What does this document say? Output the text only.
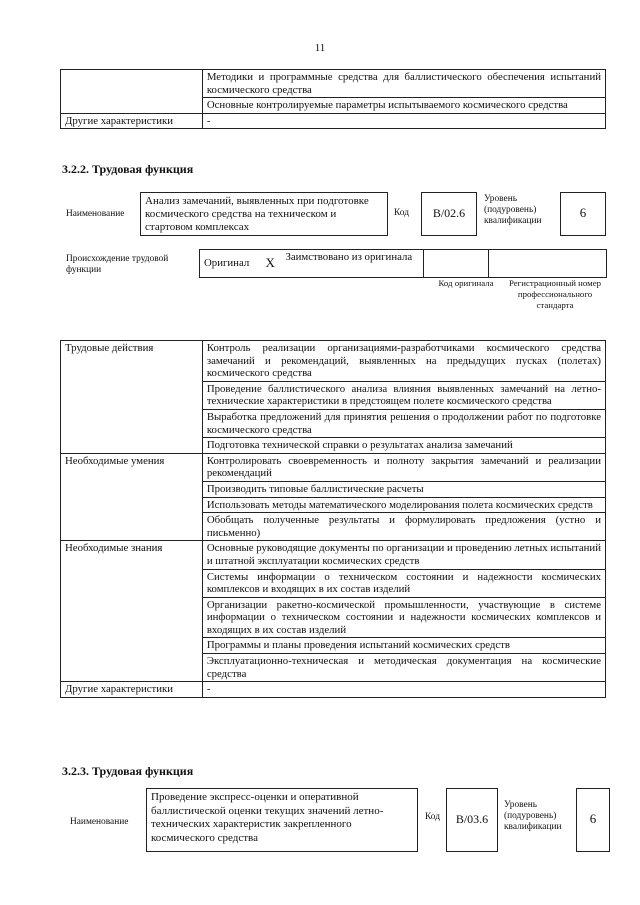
11
	Методики и программные средства для баллистического обеспечения испытаний космического средства
	Основные контролируемые параметры испытываемого космического средства
Другие характеристики	-
3.2.2. Трудовая функция
Наименование
Анализ замечаний, выявленных при подготовке космического средства на техническом и стартовом комплексах
Код	В/02.6
Уровень (подуровень) квалификации
6
Происхождение трудовой функции
Оригинал	X	Заимствовано из оригинала		
Код оригинала	Регистрационный номер профессионального стандарта
Трудовые действия	Контроль реализации организациями-разработчиками космического средства замечаний и рекомендаций, выявленных на предыдущих пусках (полетах) космического средства
	Проведение баллистического анализа влияния выявленных замечаний на летно-технические характеристики в предстоящем полете космического средства
	Выработка предложений для принятия решения о продолжении работ по подготовке космического средства
	Подготовка технической справки о результатах анализа замечаний
Необходимые умения	Контролировать своевременность и полноту закрытия замечаний и реализации рекомендаций
	Производить типовые баллистические расчеты
	Использовать методы математического моделирования полета космических средств
	Обобщать полученные результаты и формулировать предложения (устно и письменно)
Необходимые знания	Основные руководящие документы по организации и проведению летных испытаний и штатной эксплуатации космических средств
	Системы информации о техническом состоянии и надежности космических комплексов и входящих в их состав изделий
	Организации ракетно-космической промышленности, участвующие в системе информации о техническом состоянии и надежности космических комплексов и входящих в их состав изделий
	Программы и планы проведения испытаний космических средств
	Эксплуатационно-техническая и методическая документация на космические средства
Другие характеристики	-
3.2.3. Трудовая функция
Наименование
Проведение экспресс-оценки и оперативной баллистической оценки текущих значений летно-технических характеристик закрепленного космического средства
Код	В/03.6
Уровень (подуровень) квалификации
6
